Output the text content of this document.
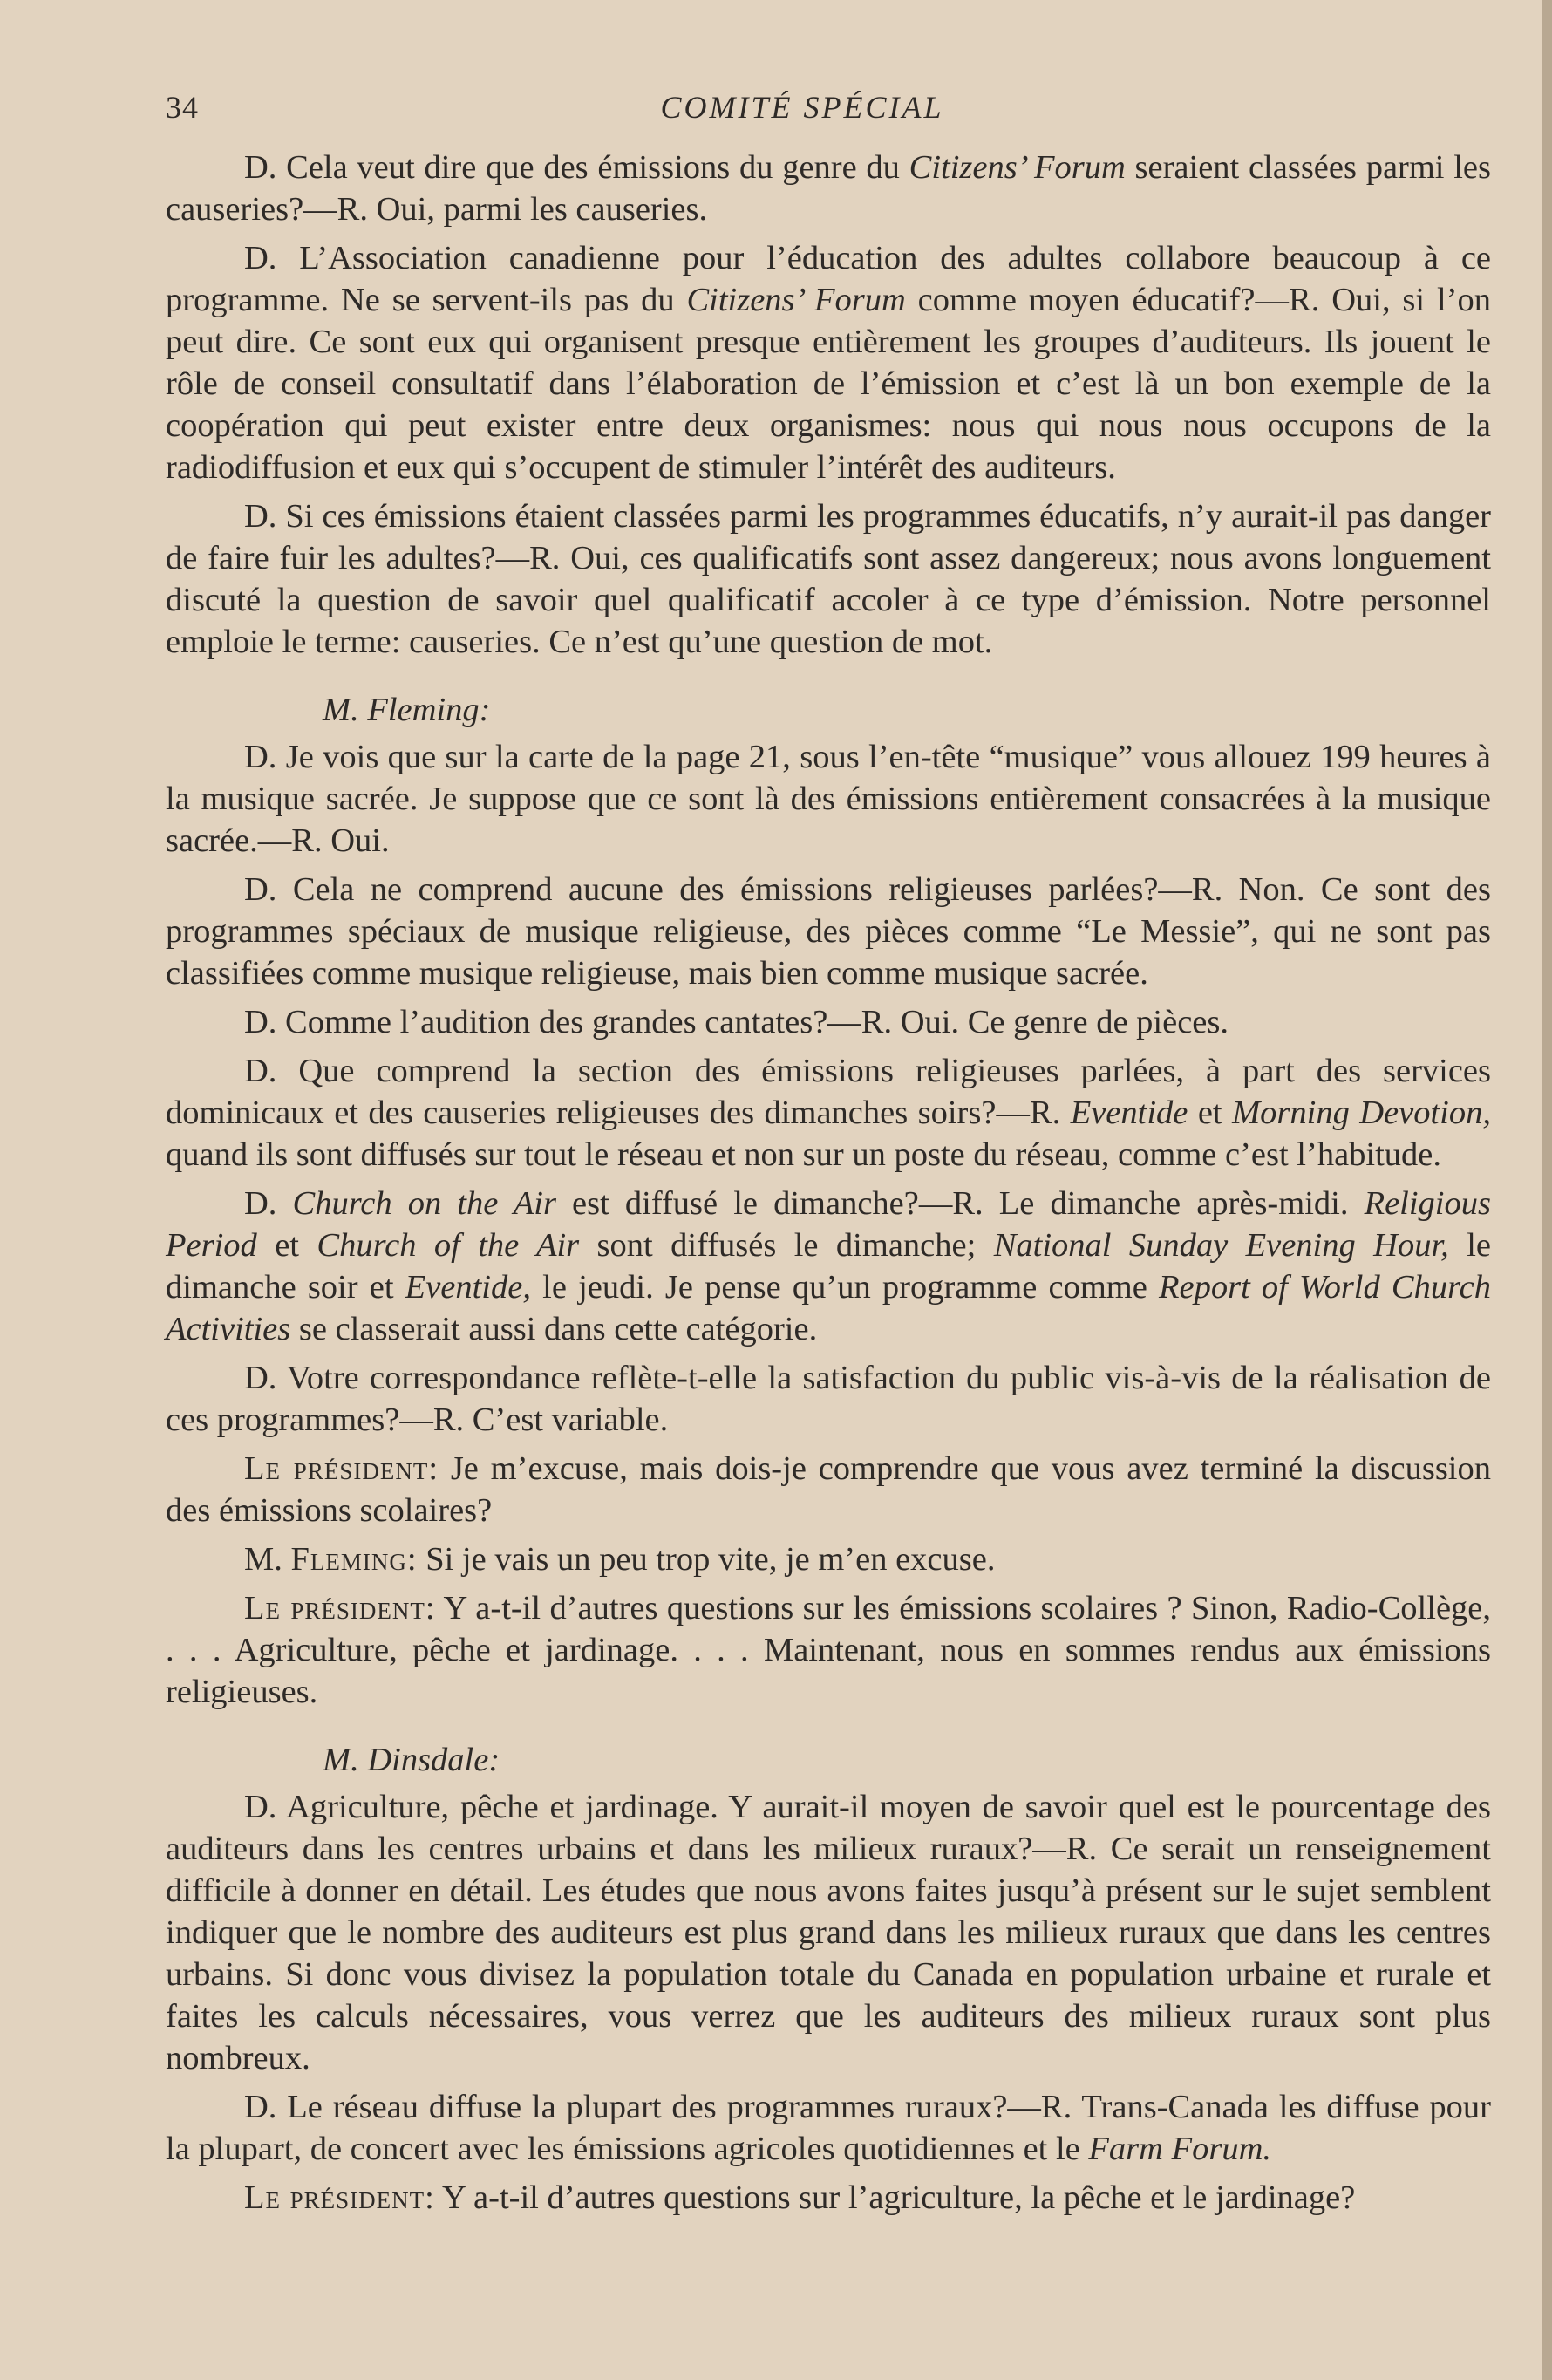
34	COMITÉ SPÉCIAL

D. Cela veut dire que des émissions du genre du Citizens’ Forum seraient classées parmi les causeries?—R. Oui, parmi les causeries.

D. L’Association canadienne pour l’éducation des adultes collabore beaucoup à ce programme. Ne se servent-ils pas du Citizens’ Forum comme moyen éducatif?—R. Oui, si l’on peut dire. Ce sont eux qui organisent presque entièrement les groupes d’auditeurs. Ils jouent le rôle de conseil consultatif dans l’élaboration de l’émission et c’est là un bon exemple de la coopération qui peut exister entre deux organismes: nous qui nous nous occupons de la radiodiffusion et eux qui s’occupent de stimuler l’intérêt des auditeurs.

D. Si ces émissions étaient classées parmi les programmes éducatifs, n’y aurait-il pas danger de faire fuir les adultes?—R. Oui, ces qualificatifs sont assez dangereux; nous avons longuement discuté la question de savoir quel qualificatif accoler à ce type d’émission. Notre personnel emploie le terme: causeries. Ce n’est qu’une question de mot.

M. Fleming:

D. Je vois que sur la carte de la page 21, sous l’en-tête “musique” vous allouez 199 heures à la musique sacrée. Je suppose que ce sont là des émissions entièrement consacrées à la musique sacrée.—R. Oui.

D. Cela ne comprend aucune des émissions religieuses parlées?—R. Non. Ce sont des programmes spéciaux de musique religieuse, des pièces comme “Le Messie”, qui ne sont pas classifiées comme musique religieuse, mais bien comme musique sacrée.

D. Comme l’audition des grandes cantates?—R. Oui. Ce genre de pièces.

D. Que comprend la section des émissions religieuses parlées, à part des services dominicaux et des causeries religieuses des dimanches soirs?—R. Eventide et Morning Devotion, quand ils sont diffusés sur tout le réseau et non sur un poste du réseau, comme c’est l’habitude.

D. Church on the Air est diffusé le dimanche?—R. Le dimanche après-midi. Religious Period et Church of the Air sont diffusés le dimanche; National Sunday Evening Hour, le dimanche soir et Eventide, le jeudi. Je pense qu’un programme comme Report of World Church Activities se classerait aussi dans cette catégorie.

D. Votre correspondance reflète-t-elle la satisfaction du public vis-à-vis de la réalisation de ces programmes?—R. C’est variable.

Le président: Je m’excuse, mais dois-je comprendre que vous avez terminé la discussion des émissions scolaires?

M. Fleming: Si je vais un peu trop vite, je m’en excuse.

Le président: Y a-t-il d’autres questions sur les émissions scolaires ? Sinon, Radio-Collège, . . . Agriculture, pêche et jardinage. . . . Maintenant, nous en sommes rendus aux émissions religieuses.

M. Dinsdale:

D. Agriculture, pêche et jardinage. Y aurait-il moyen de savoir quel est le pourcentage des auditeurs dans les centres urbains et dans les milieux ruraux?—R. Ce serait un renseignement difficile à donner en détail. Les études que nous avons faites jusqu’à présent sur le sujet semblent indiquer que le nombre des auditeurs est plus grand dans les milieux ruraux que dans les centres urbains. Si donc vous divisez la population totale du Canada en population urbaine et rurale et faites les calculs nécessaires, vous verrez que les auditeurs des milieux ruraux sont plus nombreux.

D. Le réseau diffuse la plupart des programmes ruraux?—R. Trans-Canada les diffuse pour la plupart, de concert avec les émissions agricoles quotidiennes et le Farm Forum.

Le président: Y a-t-il d’autres questions sur l’agriculture, la pêche et le jardinage?
